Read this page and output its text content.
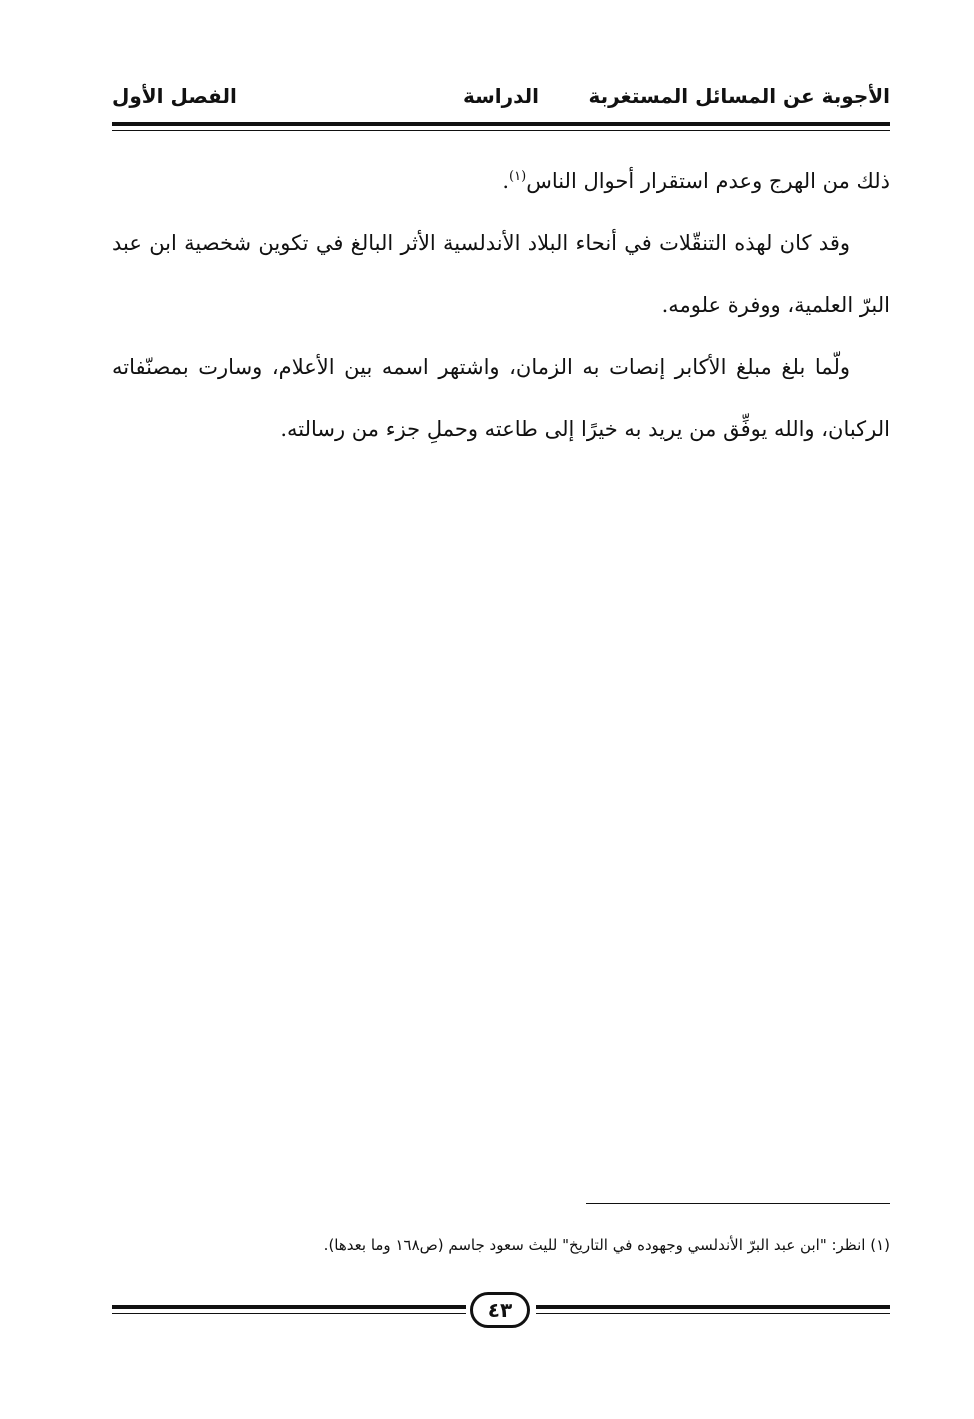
الأجوبة عن المسائل المستغربة
الدراسة
الفصل الأول

ذلك من الهرج وعدم استقرار أحوال الناس$^{(١)}$.

وقد كان لهذه التنقّلات في أنحاء البلاد الأندلسية الأثر البالغ في تكوين شخصية ابن عبد البرّ العلمية، ووفرة علومه.

ولّما بلغ مبلغ الأكابر إنصات به الزمان، واشتهر اسمه بين الأعلام، وسارت بمصنّفاته الركبان، والله يوفِّق من يريد به خيرًا إلى طاعته وحملِ جزء من رسالته.

(١) انظر: "ابن عبد البرّ الأندلسي وجهوده في التاريخ" لليث سعود جاسم (ص١٦٨ وما بعدها).
٤٣
